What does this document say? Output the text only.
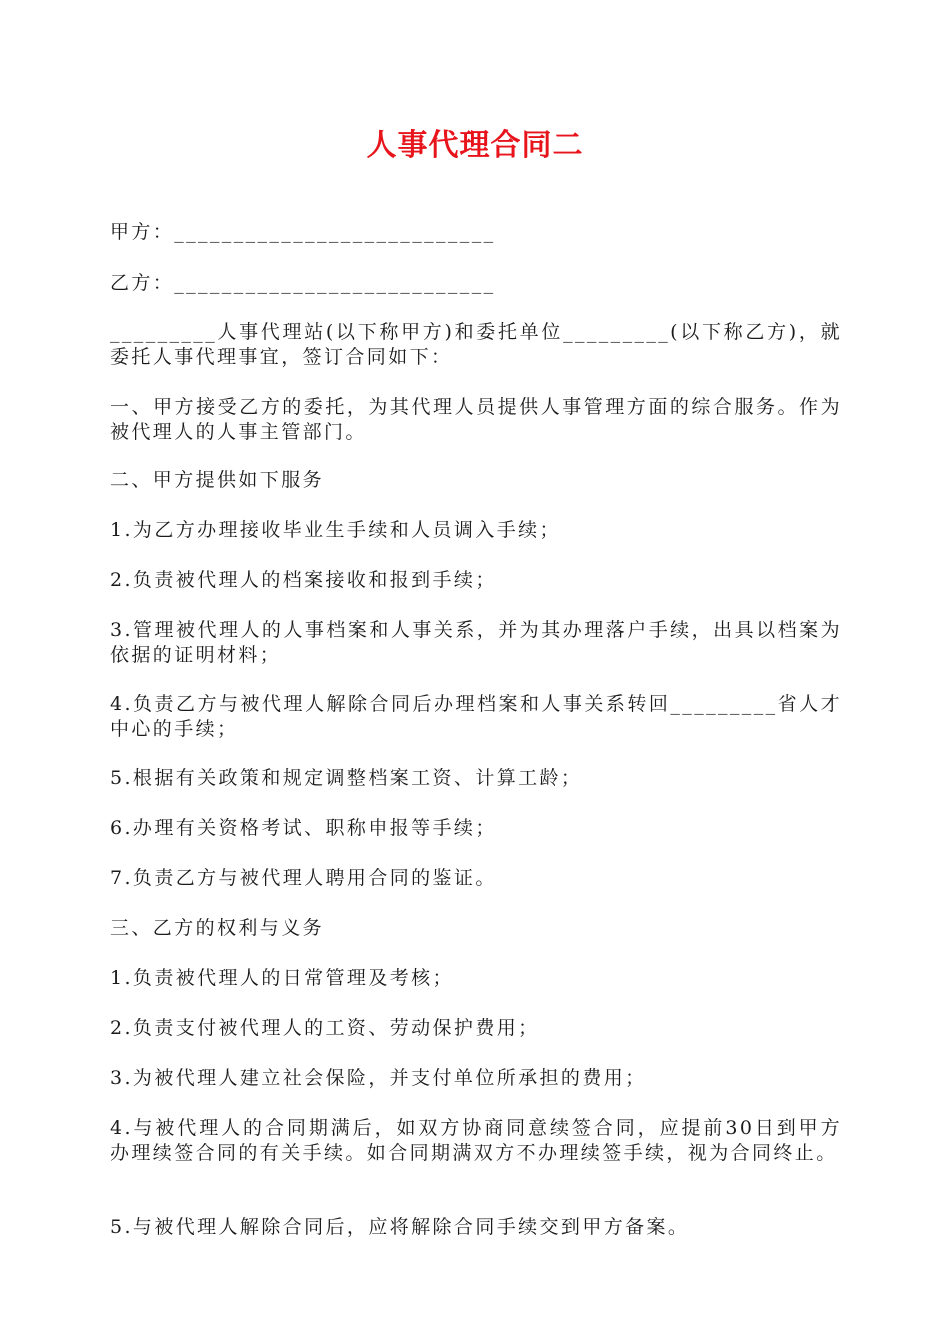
人事代理合同二

甲方：___________________________

乙方：___________________________

_________人事代理站(以下称甲方)和委托单位_________(以下称乙方)，就委托人事代理事宜，签订合同如下：

一、甲方接受乙方的委托，为其代理人员提供人事管理方面的综合服务。作为被代理人的人事主管部门。

二、甲方提供如下服务

1.为乙方办理接收毕业生手续和人员调入手续；

2.负责被代理人的档案接收和报到手续；

3.管理被代理人的人事档案和人事关系，并为其办理落户手续，出具以档案为依据的证明材料；

4.负责乙方与被代理人解除合同后办理档案和人事关系转回_________省人才中心的手续；

5.根据有关政策和规定调整档案工资、计算工龄；

6.办理有关资格考试、职称申报等手续；

7.负责乙方与被代理人聘用合同的鉴证。

三、乙方的权利与义务

1.负责被代理人的日常管理及考核；

2.负责支付被代理人的工资、劳动保护费用；

3.为被代理人建立社会保险，并支付单位所承担的费用；

4.与被代理人的合同期满后，如双方协商同意续签合同，应提前30日到甲方办理续签合同的有关手续。如合同期满双方不办理续签手续，视为合同终止。

5.与被代理人解除合同后，应将解除合同手续交到甲方备案。
